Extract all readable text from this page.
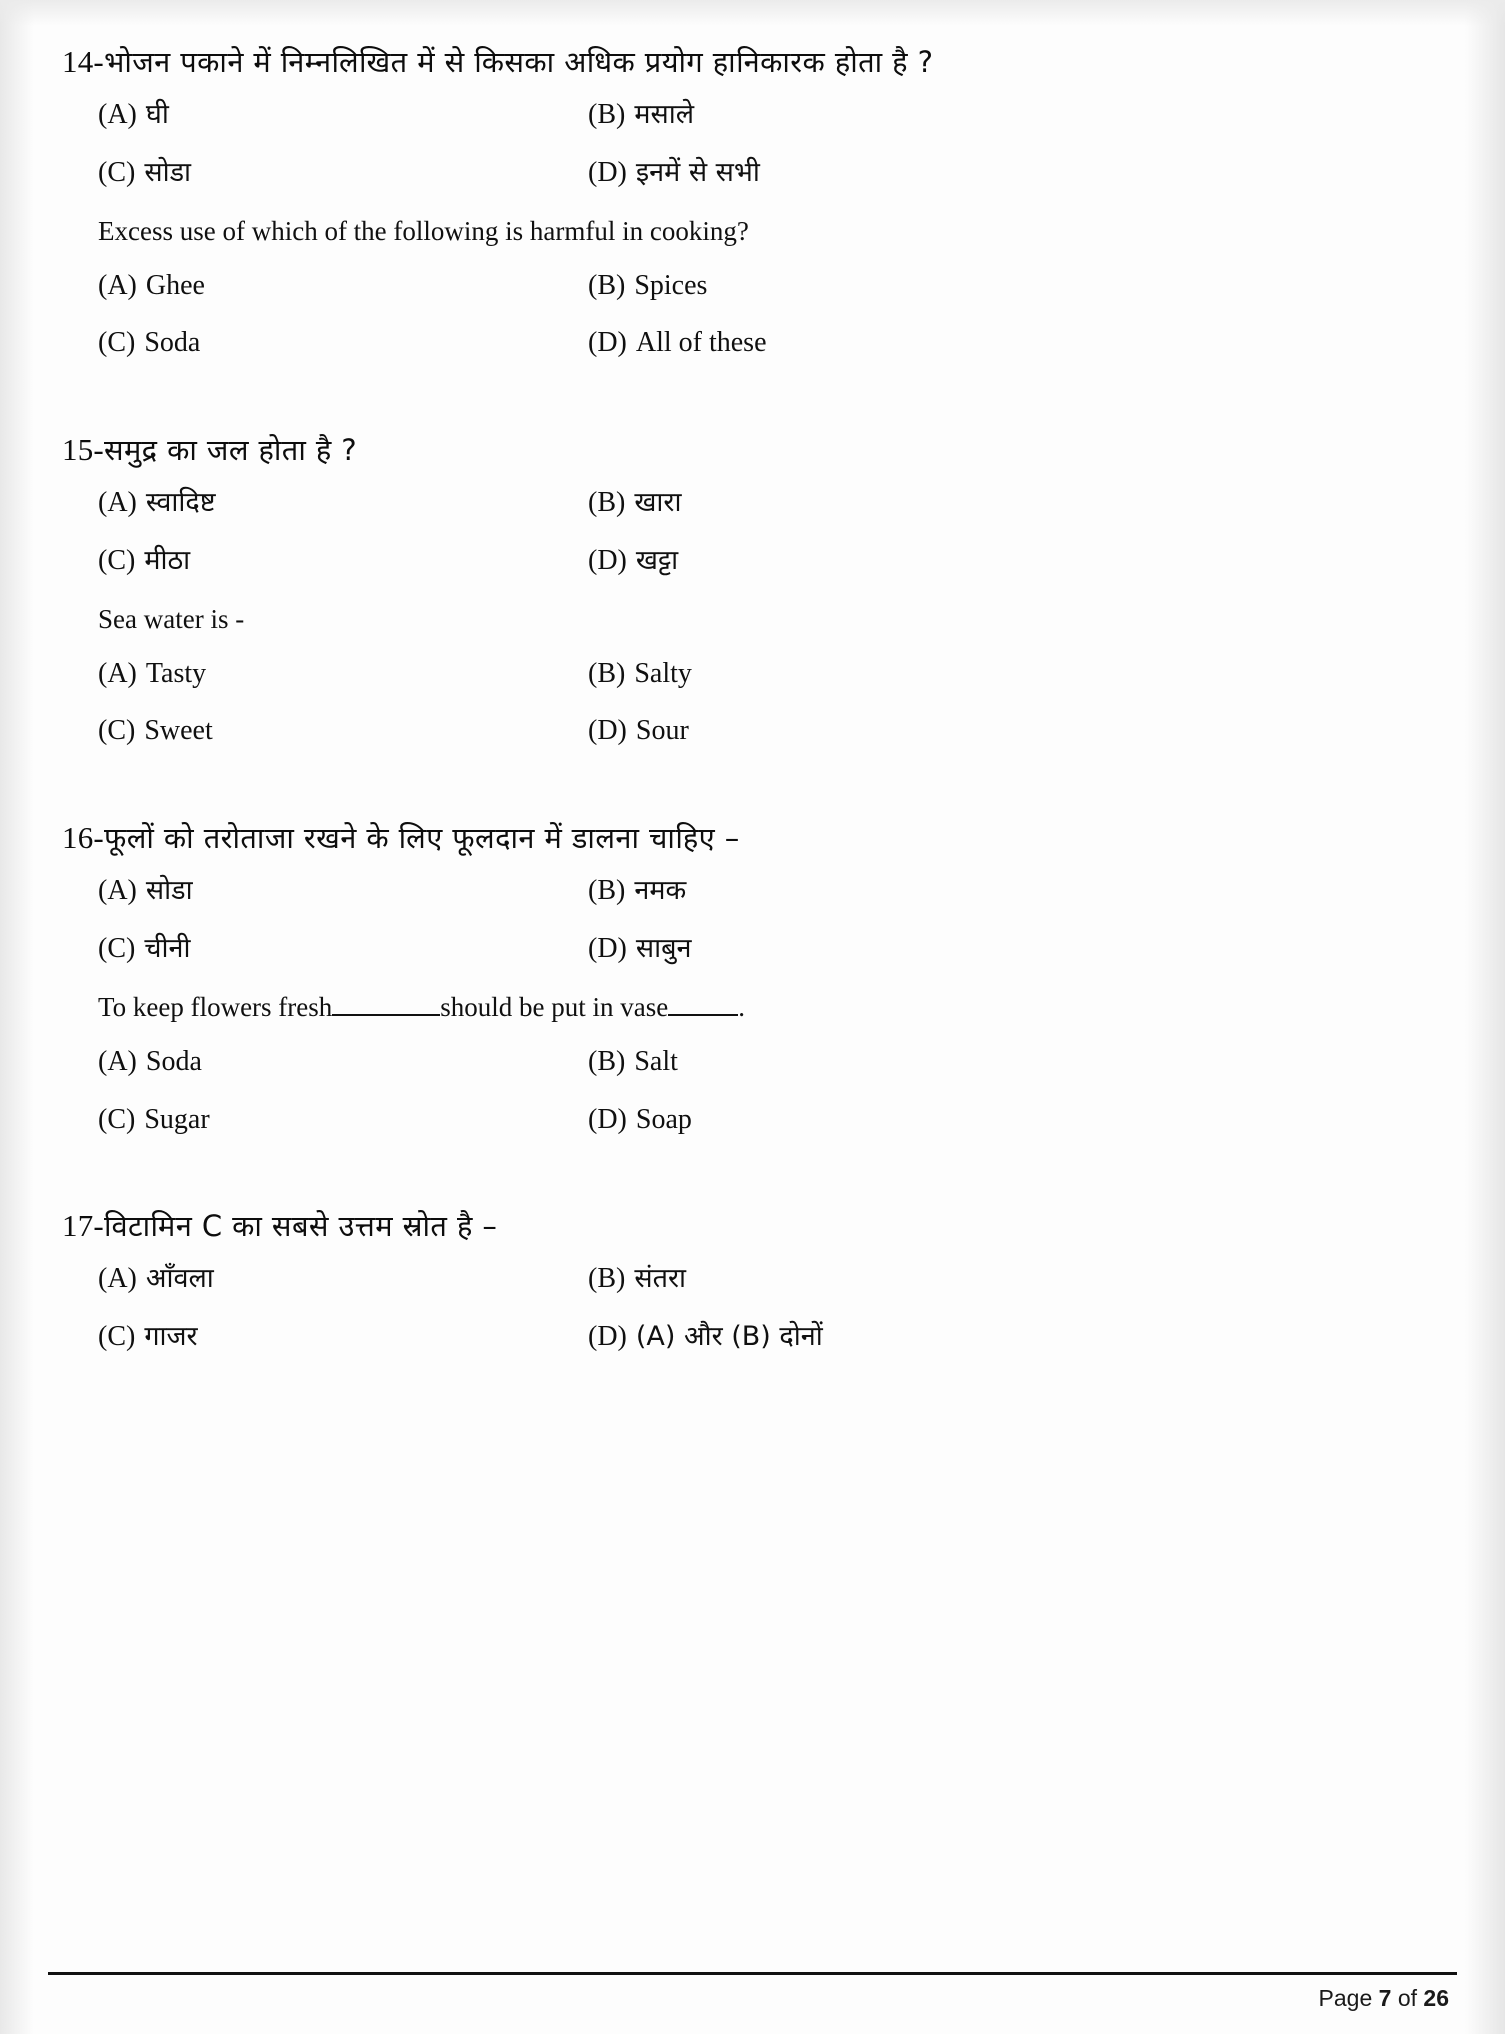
14-भोजन पकाने में निम्नलिखित में से किसका अधिक प्रयोग हानिकारक होता है ?

(A) घी	(B) मसाले
(C) सोडा	(D) इनमें से सभी

Excess use of which of the following is harmful in cooking?

(A) Ghee	(B) Spices
(C) Soda	(D) All of these

15-समुद्र का जल होता है ?

(A) स्वादिष्ट	(B) खारा
(C) मीठा	(D) खट्टा

Sea water is -

(A) Tasty	(B) Salty
(C) Sweet	(D) Sour

16-फूलों को तरोताजा रखने के लिए फूलदान में डालना चाहिए –

(A) सोडा	(B) नमक
(C) चीनी	(D) साबुन

To keep flowers fresh	should be put in vase	.

(A) Soda	(B) Salt
(C) Sugar	(D) Soap

17-विटामिन C का सबसे उत्तम स्रोत है –

(A) आँवला	(B) संतरा
(C) गाजर	(D) (A) और (B) दोनों
Page 7 of 26
